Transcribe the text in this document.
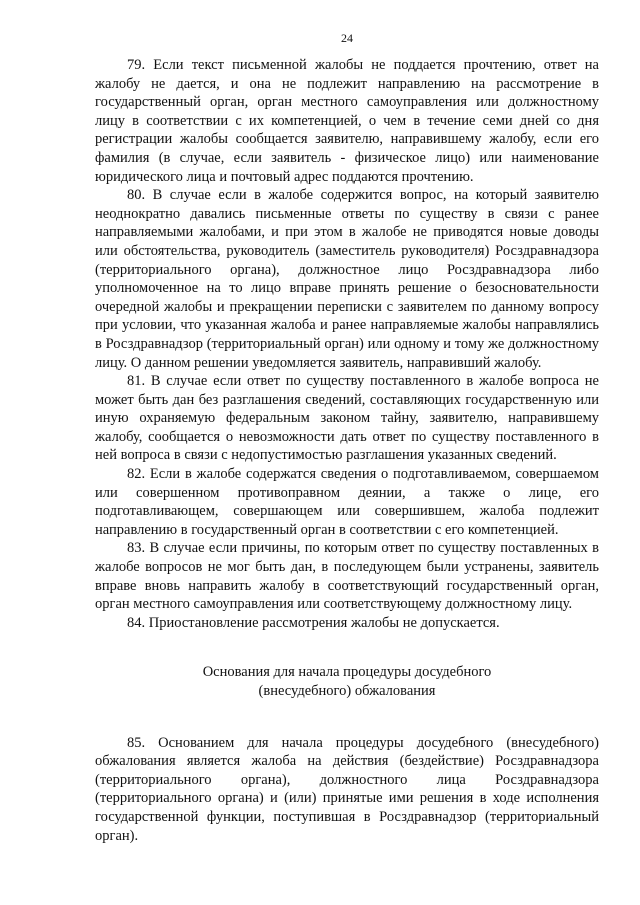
24

79. Если текст письменной жалобы не поддается прочтению, ответ на жалобу не дается, и она не подлежит направлению на рассмотрение в государственный орган, орган местного самоуправления или должностному лицу в соответствии с их компетенцией, о чем в течение семи дней со дня регистрации жалобы сообщается заявителю, направившему жалобу, если его фамилия (в случае, если заявитель - физическое лицо) или наименование юридического лица и почтовый адрес поддаются прочтению.

80. В случае если в жалобе содержится вопрос, на который заявителю неоднократно давались письменные ответы по существу в связи с ранее направляемыми жалобами, и при этом в жалобе не приводятся новые доводы или обстоятельства, руководитель (заместитель руководителя) Росздравнадзора (территориального органа), должностное лицо Росздравнадзора либо уполномоченное на то лицо вправе принять решение о безосновательности очередной жалобы и прекращении переписки с заявителем по данному вопросу при условии, что указанная жалоба и ранее направляемые жалобы направлялись в Росздравнадзор (территориальный орган) или одному и тому же должностному лицу. О данном решении уведомляется заявитель, направивший жалобу.

81. В случае если ответ по существу поставленного в жалобе вопроса не может быть дан без разглашения сведений, составляющих государственную или иную охраняемую федеральным законом тайну, заявителю, направившему жалобу, сообщается о невозможности дать ответ по существу поставленного в ней вопроса в связи с недопустимостью разглашения указанных сведений.

82. Если в жалобе содержатся сведения о подготавливаемом, совершаемом или совершенном противоправном деянии, а также о лице, его подготавливающем, совершающем или совершившем, жалоба подлежит направлению в государственный орган в соответствии с его компетенцией.

83. В случае если причины, по которым ответ по существу поставленных в жалобе вопросов не мог быть дан, в последующем были устранены, заявитель вправе вновь направить жалобу в соответствующий государственный орган, орган местного самоуправления или соответствующему должностному лицу.

84. Приостановление рассмотрения жалобы не допускается.

Основания для начала процедуры досудебного
(внесудебного) обжалования

85. Основанием для начала процедуры досудебного (внесудебного) обжалования является жалоба на действия (бездействие) Росздравнадзора (территориального органа), должностного лица Росздравнадзора (территориального органа) и (или) принятые ими решения в ходе исполнения государственной функции, поступившая в Росздравнадзор (территориальный орган).
